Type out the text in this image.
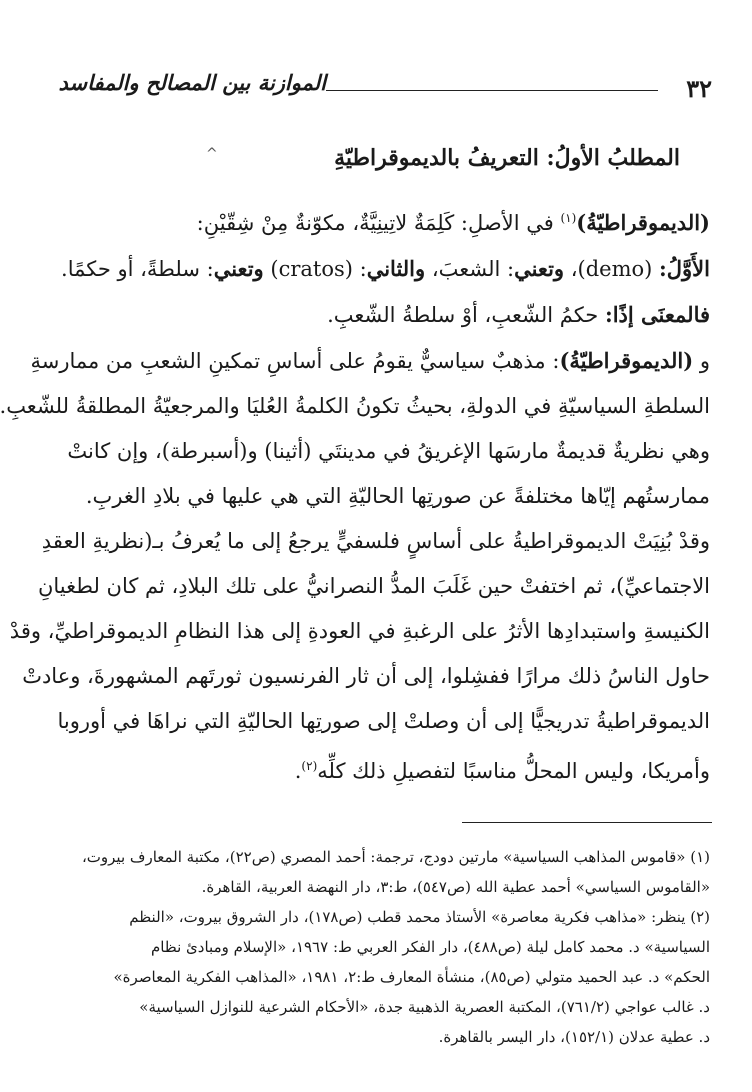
٣٢
الموازنة بين المصالح والمفاسد
^	المطلبُ الأولُ: التعريفُ بالديموقراطيّةِ

(الديموقراطيّةُ)$^{(١)}$ في الأصلِ: كَلِمَةٌ لاتِينِيَّةٌ، مكوّنةٌ مِنْ شِقّيْنِ:

الأَوَّلُ: (demo)، وتعني: الشعبَ، والثاني: (cratos) وتعني: سلطةً، أو حكمًا.

فالمعنَى إذًا: حكمُ الشّعبِ، أوْ سلطةُ الشّعبِ.

و (الديموقراطيّةُ): مذهبٌ سياسيٌّ يقومُ على أساسِ تمكينِ الشعبِ من ممارسةِ
السلطةِ السياسيّةِ في الدولةِ، بحيثُ تكونُ الكلمةُ العُليَا والمرجعيّةُ المطلقةُ للشّعبِ.

وهي نظريةٌ قديمةٌ مارسَها الإغريقُ في مدينتَي (أثينا) و(أسبرطة)، وإن كانتْ
ممارستُهم إيّاها مختلفةً عن صورتِها الحاليّةِ التي هي عليها في بلادِ الغربِ.

وقدْ بُنِيَتْ الديموقراطيةُ على أساسٍ فلسفيٍّ يرجعُ إلى ما يُعرفُ بـ(نظريةِ العقدِ
الاجتماعيِّ)، ثم اختفتْ حين غَلَبَ المدُّ النصرانيُّ على تلك البلادِ، ثم كان لطغيانِ
الكنيسةِ واستبدادِها الأثرُ على الرغبةِ في العودةِ إلى هذا النظامِ الديموقراطيِّ، وقدْ
حاول الناسُ ذلك مرارًا ففشِلوا، إلى أن ثار الفرنسيون ثورتَهم المشهورةَ، وعادتْ
الديموقراطيةُ تدريجيًّا إلى أن وصلتْ إلى صورتِها الحاليّةِ التي نراهَا في أوروبا
وأمريكا، وليس المحلُّ مناسبًا لتفصيلِ ذلك كلِّه$^{(٢)}$.

(١) «قاموس المذاهب السياسية» مارتين دودج، ترجمة: أحمد المصري (ص٢٢)، مكتبة المعارف بيروت،
«القاموس السياسي» أحمد عطية الله (ص٥٤٧)، ط:٣، دار النهضة العربية، القاهرة.
(٢) ينظر: «مذاهب فكرية معاصرة» الأستاذ محمد قطب (ص١٧٨)، دار الشروق بيروت، «النظم
السياسية» د. محمد كامل ليلة (ص٤٨٨)، دار الفكر العربي ط: ١٩٦٧، «الإسلام ومبادئ نظام
الحكم» د. عبد الحميد متولي (ص٨٥)، منشأة المعارف ط:٢، ١٩٨١، «المذاهب الفكرية المعاصرة»
د. غالب عواجي (٧٦١/٢)، المكتبة العصرية الذهبية جدة، «الأحكام الشرعية للنوازل السياسية»
د. عطية عدلان (١٥٢/١)، دار اليسر بالقاهرة.
